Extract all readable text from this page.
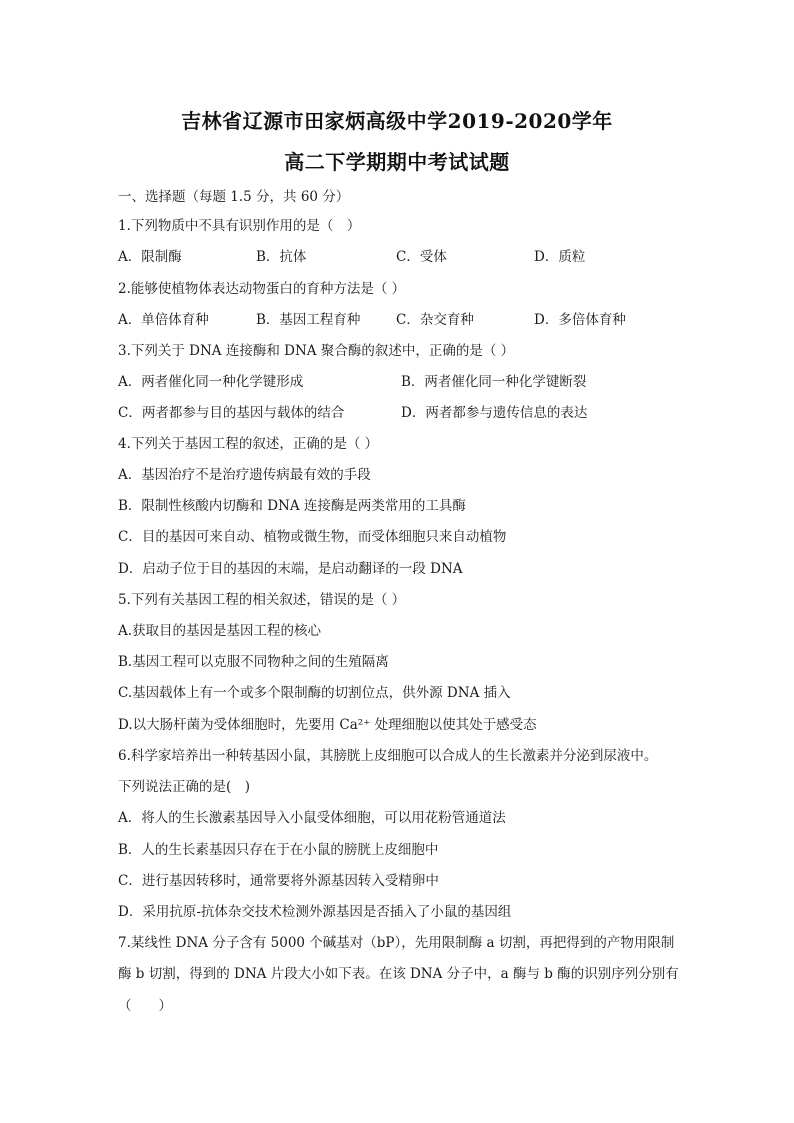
吉林省辽源市田家炳高级中学2019-2020学年
高二下学期期中考试试题
一、选择题（每题 1.5 分，共 60 分）
1.下列物质中不具有识别作用的是（　）
A．限制酶	B．抗体	C．受体	D．质粒
2.能够使植物体表达动物蛋白的育种方法是（ ）
A．单倍体育种	B．基因工程育种	C．杂交育种	D．多倍体育种
3.下列关于 DNA 连接酶和 DNA 聚合酶的叙述中，正确的是（ ）
A．两者催化同一种化学键形成	B．两者催化同一种化学键断裂
C．两者都参与目的基因与载体的结合	D．两者都参与遗传信息的表达
4.下列关于基因工程的叙述，正确的是（ ）
A．基因治疗不是治疗遗传病最有效的手段
B．限制性核酸内切酶和 DNA 连接酶是两类常用的工具酶
C．目的基因可来自动、植物或微生物，而受体细胞只来自动植物
D．启动子位于目的基因的末端，是启动翻译的一段 DNA
5.下列有关基因工程的相关叙述，错误的是（ ）
A.获取目的基因是基因工程的核心
B.基因工程可以克服不同物种之间的生殖隔离
C.基因载体上有一个或多个限制酶的切割位点，供外源 DNA 插入
D.以大肠杆菌为受体细胞时，先要用 Ca²⁺ 处理细胞以使其处于感受态
6.科学家培养出一种转基因小鼠，其膀胱上皮细胞可以合成人的生长激素并分泌到尿液中。
下列说法正确的是(　)
A．将人的生长激素基因导入小鼠受体细胞，可以用花粉管通道法
B．人的生长素基因只存在于在小鼠的膀胱上皮细胞中
C．进行基因转移时，通常要将外源基因转入受精卵中
D．采用抗原-抗体杂交技术检测外源基因是否插入了小鼠的基因组
7.某线性 DNA 分子含有 5000 个碱基对（bP），先用限制酶 a 切割，再把得到的产物用限制
酶 b 切割，得到的 DNA 片段大小如下表。在该 DNA 分子中，a 酶与 b 酶的识别序列分别有
（　　）
